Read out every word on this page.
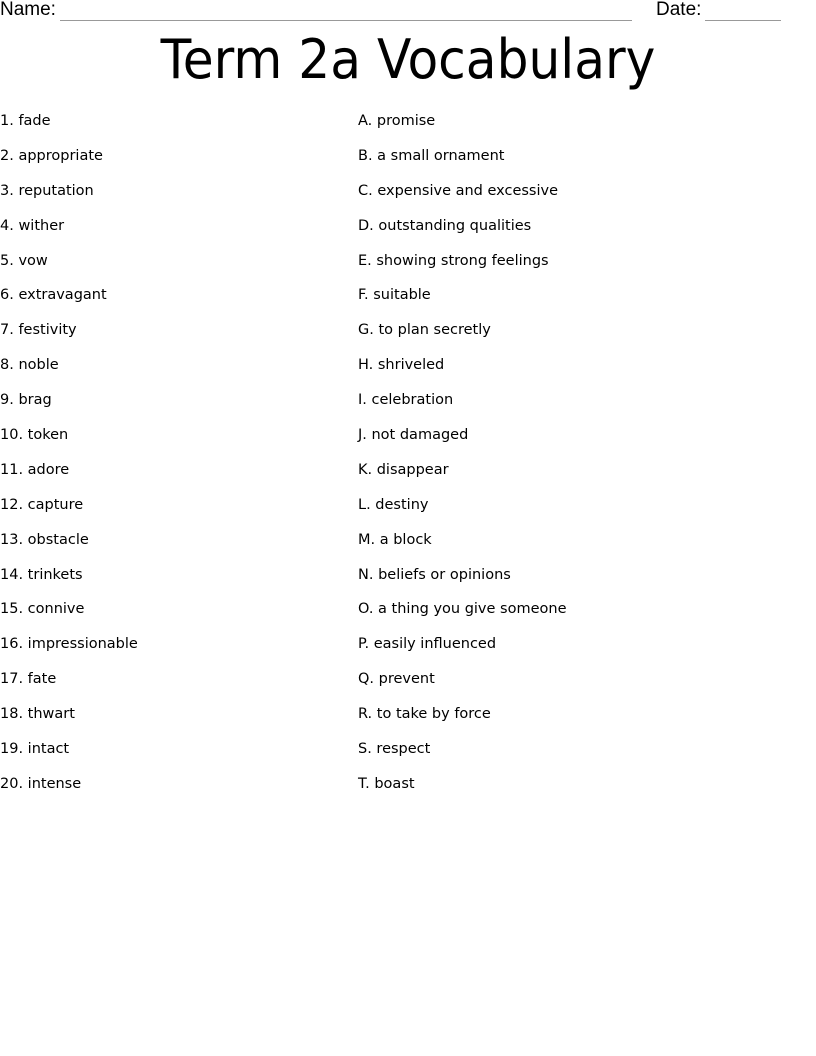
Name:	Date:
Term 2a Vocabulary
1. fade
2. appropriate
3. reputation
4. wither
5. vow
6. extravagant
7. festivity
8. noble
9. brag
10. token
11. adore
12. capture
13. obstacle
14. trinkets
15. connive
16. impressionable
17. fate
18. thwart
19. intact
20. intense
A. promise
B. a small ornament
C. expensive and excessive
D. outstanding qualities
E. showing strong feelings
F. suitable
G. to plan secretly
H. shriveled
I. celebration
J. not damaged
K. disappear
L. destiny
M. a block
N. beliefs or opinions
O. a thing you give someone
P. easily influenced
Q. prevent
R. to take by force
S. respect
T. boast
